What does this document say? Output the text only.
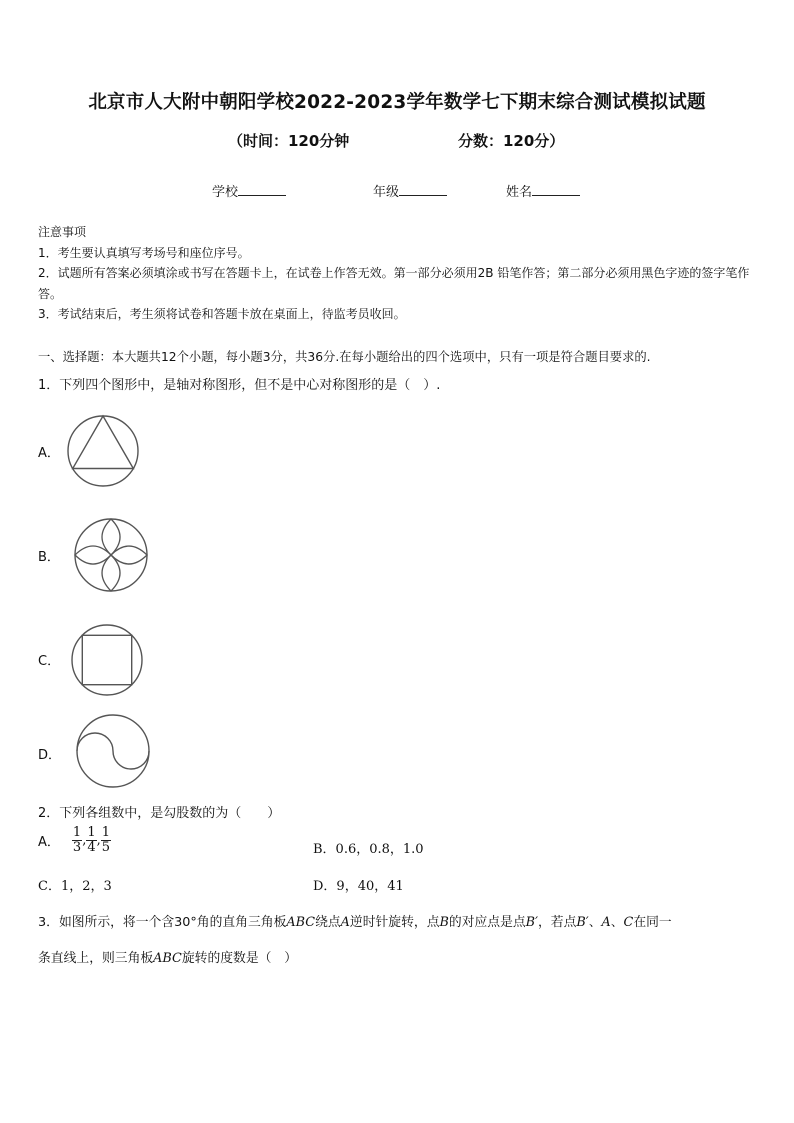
北京市人大附中朝阳学校2022-2023学年数学七下期末综合测试模拟试题
（时间：120分钟	分数：120分）
学校	年级	姓名
注意事项
1．考生要认真填写考场号和座位序号。
2．试题所有答案必须填涂或书写在答题卡上，在试卷上作答无效。第一部分必须用2B 铅笔作答；第二部分必须用黑色字迹的签字笔作答。
3．考试结束后，考生须将试卷和答题卡放在桌面上，待监考员收回。
一、选择题：本大题共12个小题，每小题3分，共36分.在每小题给出的四个选项中，只有一项是符合题目要求的.
1．下列四个图形中，是轴对称图形，但不是中心对称图形的是（　）.
A．
B．
C．
D．
2．下列各组数中，是勾股数的为（　　）
A． $\frac{1}{3}$ , $\frac{1}{4}$ , $\frac{1}{5}$	B．0.6，0.8，1.0
C．1，2，3	D．9，40，41
3．如图所示，将一个含30°角的直角三角板ABC绕点A逆时针旋转，点B的对应点是点B′，若点B′、A、C在同一
条直线上，则三角板ABC旋转的度数是（　）
